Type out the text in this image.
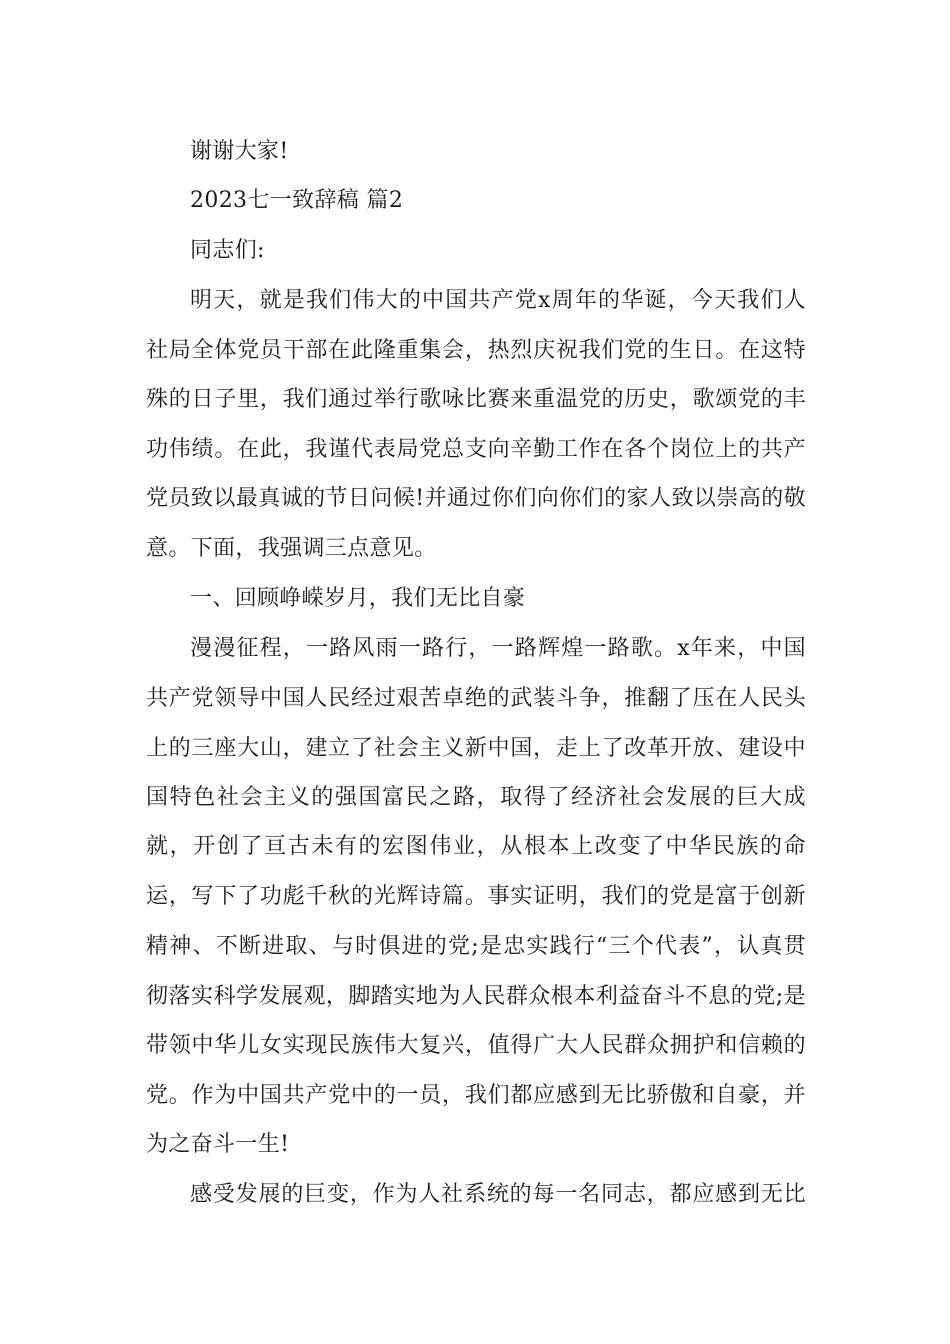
谢谢大家!
2023七一致辞稿 篇2
同志们:
明天，就是我们伟大的中国共产党x周年的华诞，今天我们人
社局全体党员干部在此隆重集会，热烈庆祝我们党的生日。在这特
殊的日子里，我们通过举行歌咏比赛来重温党的历史，歌颂党的丰
功伟绩。在此，我谨代表局党总支向辛勤工作在各个岗位上的共产
党员致以最真诚的节日问候!并通过你们向你们的家人致以崇高的敬
意。下面，我强调三点意见。
一、回顾峥嵘岁月，我们无比自豪
漫漫征程，一路风雨一路行，一路辉煌一路歌。x年来，中国
共产党领导中国人民经过艰苦卓绝的武装斗争，推翻了压在人民头
上的三座大山，建立了社会主义新中国，走上了改革开放、建设中
国特色社会主义的强国富民之路，取得了经济社会发展的巨大成
就，开创了亘古未有的宏图伟业，从根本上改变了中华民族的命
运，写下了功彪千秋的光辉诗篇。事实证明，我们的党是富于创新
精神、不断进取、与时俱进的党;是忠实践行“三个代表”，认真贯
彻落实科学发展观，脚踏实地为人民群众根本利益奋斗不息的党;是
带领中华儿女实现民族伟大复兴，值得广大人民群众拥护和信赖的
党。作为中国共产党中的一员，我们都应感到无比骄傲和自豪，并
为之奋斗一生!
感受发展的巨变，作为人社系统的每一名同志，都应感到无比
